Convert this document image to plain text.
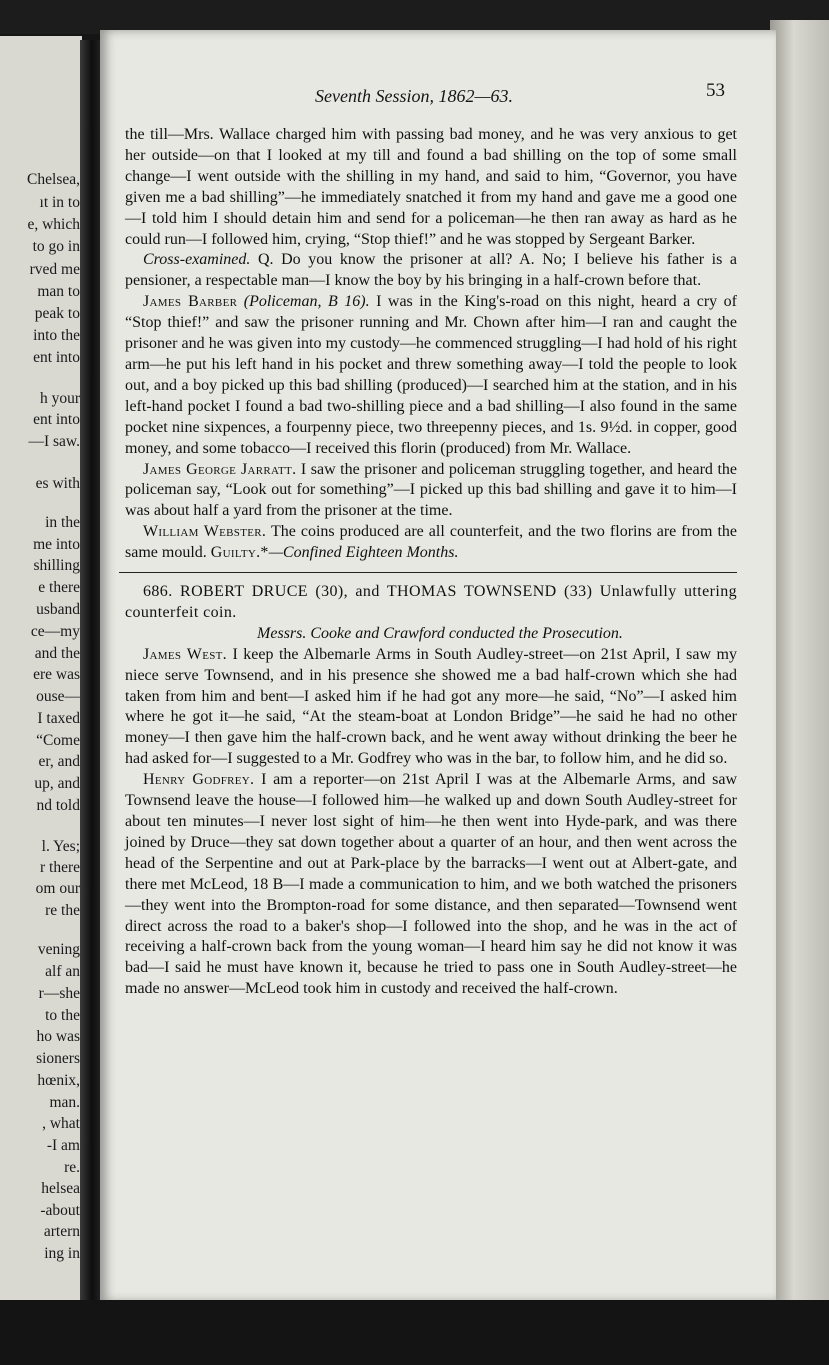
Chelsea,
ıt in to
e, which
to go in
rved me
man to
peak to
into the
ent into
h your
ent into
—I saw.
es with
in the
me into
shilling
e there
usband
ce—my
and the
ere was
ouse—
I taxed
“Come
er, and
up, and
nd told
l. Yes;
r there
om our
re the
vening
alf an
r—she
to the
ho was
sioners
hœnix,
man.
, what
-I am
re.
helsea
-about
artern
ing in
Seventh Session, 1862—63.	53

the till—Mrs. Wallace charged him with passing bad money, and he was very anxious to get her outside—on that I looked at my till and found a bad shilling on the top of some small change—I went outside with the shilling in my hand, and said to him, “Governor, you have given me a bad shilling”—he immediately snatched it from my hand and gave me a good one—I told him I should detain him and send for a policeman—he then ran away as hard as he could run—I followed him, crying, “Stop thief!” and he was stopped by Sergeant Barker.

Cross-examined. Q. Do you know the prisoner at all? A. No; I believe his father is a pensioner, a respectable man—I know the boy by his bringing in a half-crown before that.

James Barber (Policeman, B 16). I was in the King's-road on this night, heard a cry of “Stop thief!” and saw the prisoner running and Mr. Chown after him—I ran and caught the prisoner and he was given into my custody—he commenced struggling—I had hold of his right arm—he put his left hand in his pocket and threw something away—I told the people to look out, and a boy picked up this bad shilling (produced)—I searched him at the station, and in his left-hand pocket I found a bad two-shilling piece and a bad shilling—I also found in the same pocket nine sixpences, a fourpenny piece, two threepenny pieces, and 1s. 9½d. in copper, good money, and some tobacco—I received this florin (produced) from Mr. Wallace.

James George Jarratt. I saw the prisoner and policeman struggling together, and heard the policeman say, “Look out for something”—I picked up this bad shilling and gave it to him—I was about half a yard from the prisoner at the time.

William Webster. The coins produced are all counterfeit, and the two florins are from the same mould. Guilty.*—Confined Eighteen Months.

686. ROBERT DRUCE (30), and THOMAS TOWNSEND (33) Unlawfully uttering counterfeit coin.

Messrs. Cooke and Crawford conducted the Prosecution.

James West. I keep the Albemarle Arms in South Audley-street—on 21st April, I saw my niece serve Townsend, and in his presence she showed me a bad half-crown which she had taken from him and bent—I asked him if he had got any more—he said, “No”—I asked him where he got it—he said, “At the steam-boat at London Bridge”—he said he had no other money—I then gave him the half-crown back, and he went away without drinking the beer he had asked for—I suggested to a Mr. Godfrey who was in the bar, to follow him, and he did so.

Henry Godfrey. I am a reporter—on 21st April I was at the Albemarle Arms, and saw Townsend leave the house—I followed him—he walked up and down South Audley-street for about ten minutes—I never lost sight of him—he then went into Hyde-park, and was there joined by Druce—they sat down together about a quarter of an hour, and then went across the head of the Serpentine and out at Park-place by the barracks—I went out at Albert-gate, and there met McLeod, 18 B—I made a communication to him, and we both watched the prisoners—they went into the Brompton-road for some distance, and then separated—Townsend went direct across the road to a baker's shop—I followed into the shop, and he was in the act of receiving a half-crown back from the young woman—I heard him say he did not know it was bad—I said he must have known it, because he tried to pass one in South Audley-street—he made no answer—McLeod took him in custody and received the half-crown.
